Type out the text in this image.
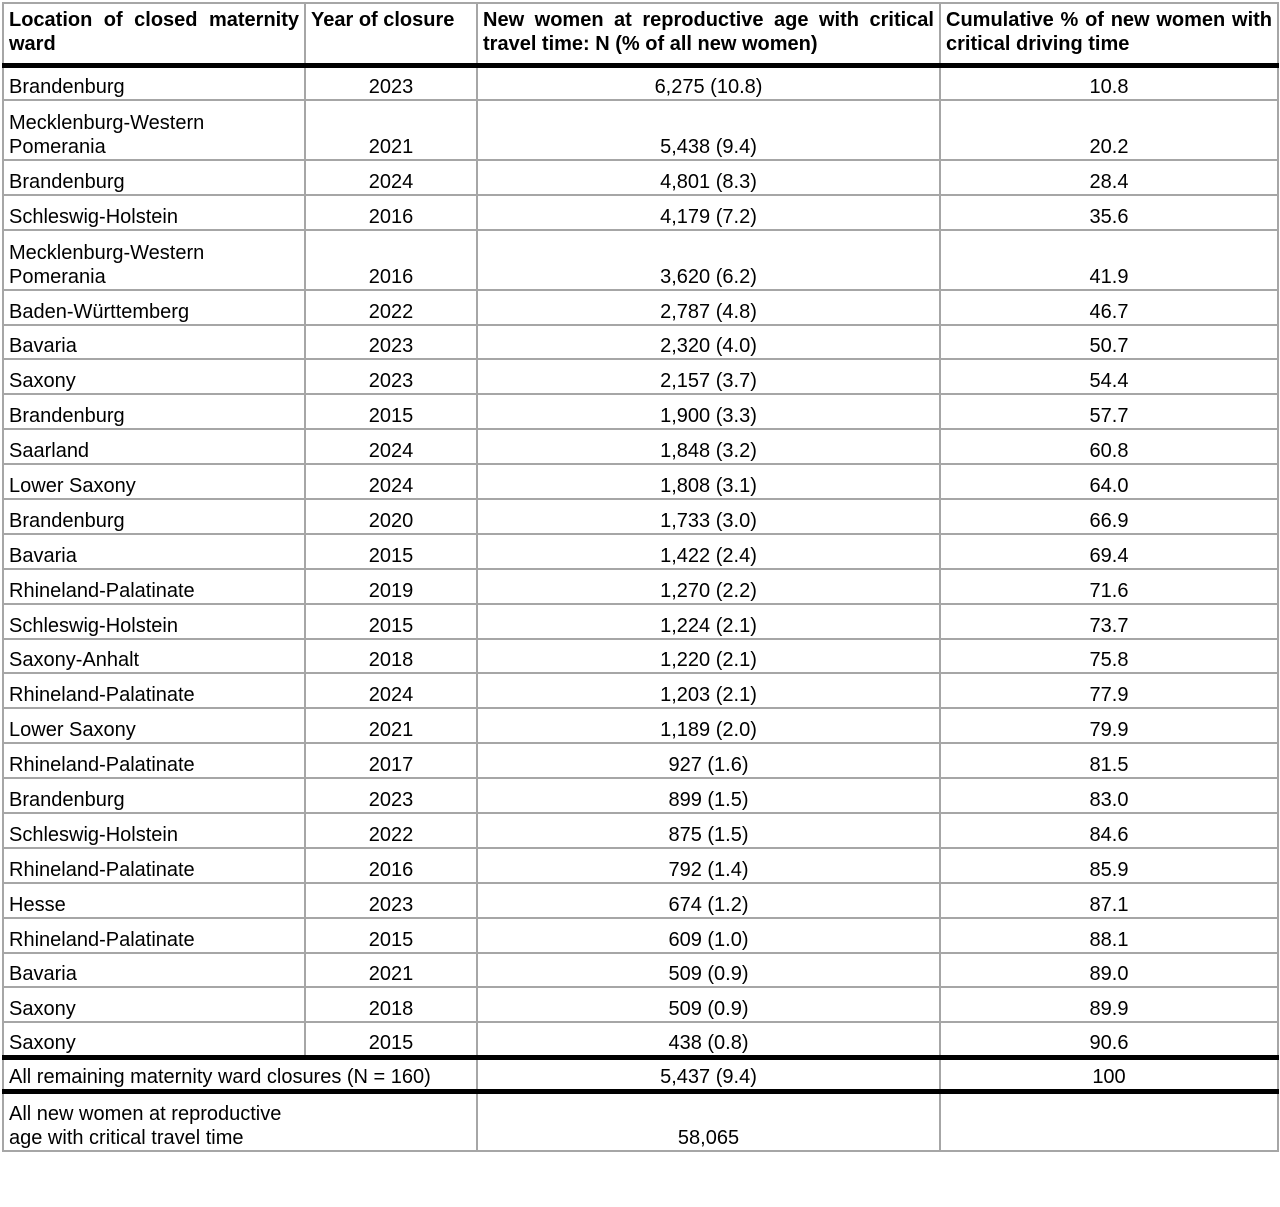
Location of closed maternity ward	Year of closure	New women at reproductive age with critical travel time: N (% of all new women)	Cumulative % of new women with critical driving time
Brandenburg	2023	6,275 (10.8)	10.8
Mecklenburg-Western Pomerania	2021	5,438 (9.4)	20.2
Brandenburg	2024	4,801 (8.3)	28.4
Schleswig-Holstein	2016	4,179 (7.2)	35.6
Mecklenburg-Western Pomerania	2016	3,620 (6.2)	41.9
Baden-Württemberg	2022	2,787 (4.8)	46.7
Bavaria	2023	2,320 (4.0)	50.7
Saxony	2023	2,157 (3.7)	54.4
Brandenburg	2015	1,900 (3.3)	57.7
Saarland	2024	1,848 (3.2)	60.8
Lower Saxony	2024	1,808 (3.1)	64.0
Brandenburg	2020	1,733 (3.0)	66.9
Bavaria	2015	1,422 (2.4)	69.4
Rhineland-Palatinate	2019	1,270 (2.2)	71.6
Schleswig-Holstein	2015	1,224 (2.1)	73.7
Saxony-Anhalt	2018	1,220 (2.1)	75.8
Rhineland-Palatinate	2024	1,203 (2.1)	77.9
Lower Saxony	2021	1,189 (2.0)	79.9
Rhineland-Palatinate	2017	927 (1.6)	81.5
Brandenburg	2023	899 (1.5)	83.0
Schleswig-Holstein	2022	875 (1.5)	84.6
Rhineland-Palatinate	2016	792 (1.4)	85.9
Hesse	2023	674 (1.2)	87.1
Rhineland-Palatinate	2015	609 (1.0)	88.1
Bavaria	2021	509 (0.9)	89.0
Saxony	2018	509 (0.9)	89.9
Saxony	2015	438 (0.8)	90.6
All remaining maternity ward closures (N = 160)		5,437 (9.4)	100
All new women at reproductive age with critical travel time		58,065	
